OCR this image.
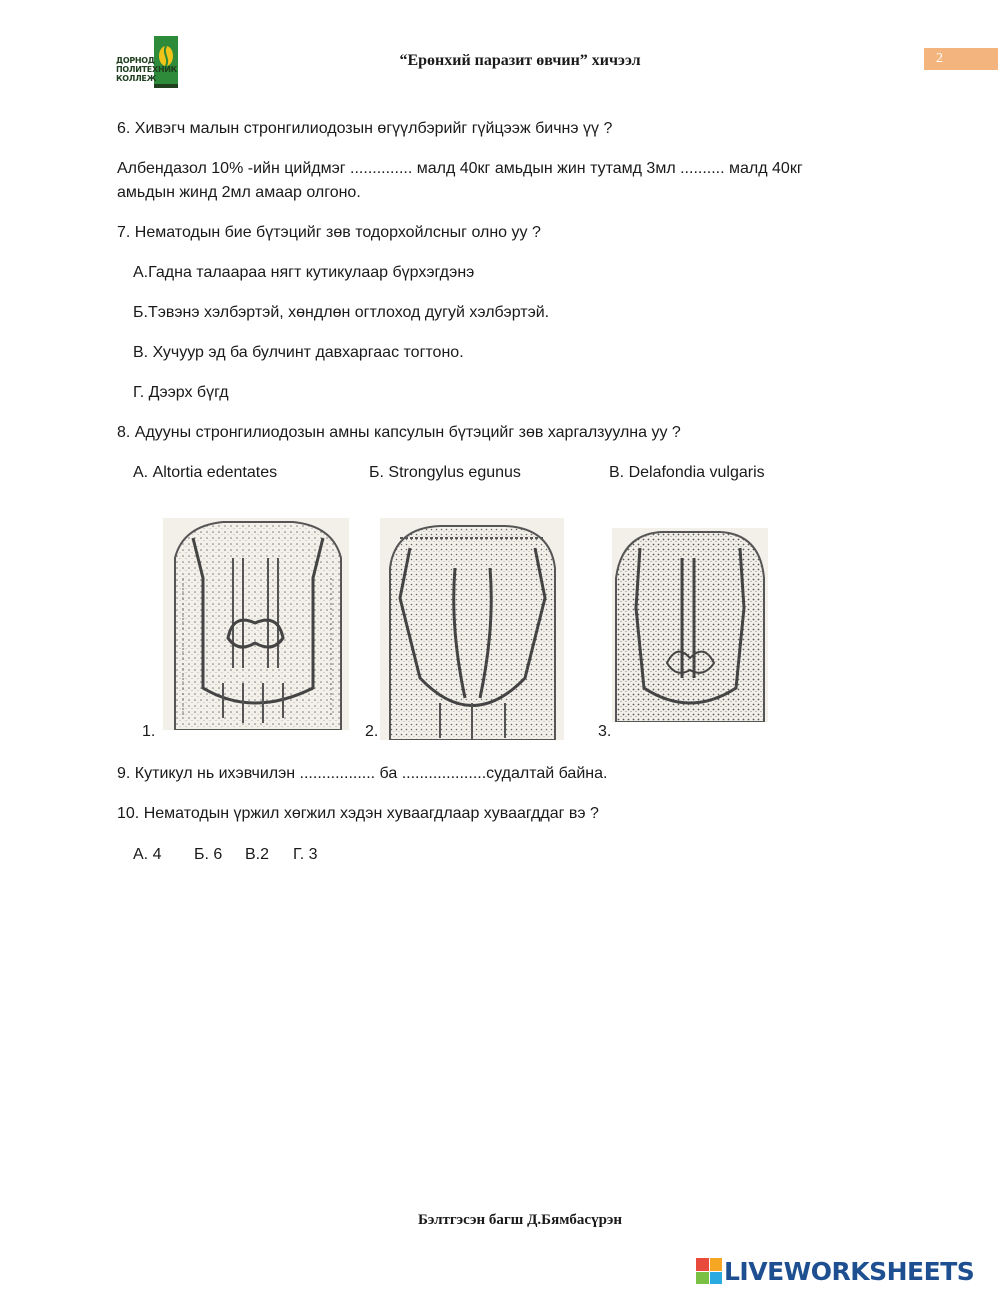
ДОРНОД
ПОЛИТЕХНИК
КОЛЛЕЖ
“Ерөнхий паразит өвчин” хичээл	2
6. Хивэгч малын стронгилиодозын өгүүлбэрийг гүйцээж бичнэ үү ?
Албендазол 10% -ийн цийдмэг .............. малд 40кг амьдын жин тутамд 3мл .......... малд 40кг
амьдын жинд 2мл амаар олгоно.
7. Нематодын бие бүтэцийг зөв тодорхойлсныг олно уу ?
А.Гадна талаараа нягт кутикулаар бүрхэгдэнэ
Б.Тэвэнэ хэлбэртэй, хөндлөн огтлоход дугуй хэлбэртэй.
В. Хучуур эд ба булчинт давхаргаас тогтоно.
Г. Дээрх бүгд
8. Адууны стронгилиодозын амны капсулын бүтэцийг зөв харгалзуулна уу ?
А. Altortia edentates	Б. Strongylus egunus	В. Delafondia vulgaris
1.	2.	3.
9. Кутикул нь ихэвчилэн ................. ба ...................судалтай байна.
10. Нематодын үржил хөгжил хэдэн хуваагдлаар хуваагддаг вэ ?
А. 4 Б. 6 В.2 Г. 3
Бэлтгэсэн багш Д.Бямбасүрэн
LIVEWORKSHEETS
